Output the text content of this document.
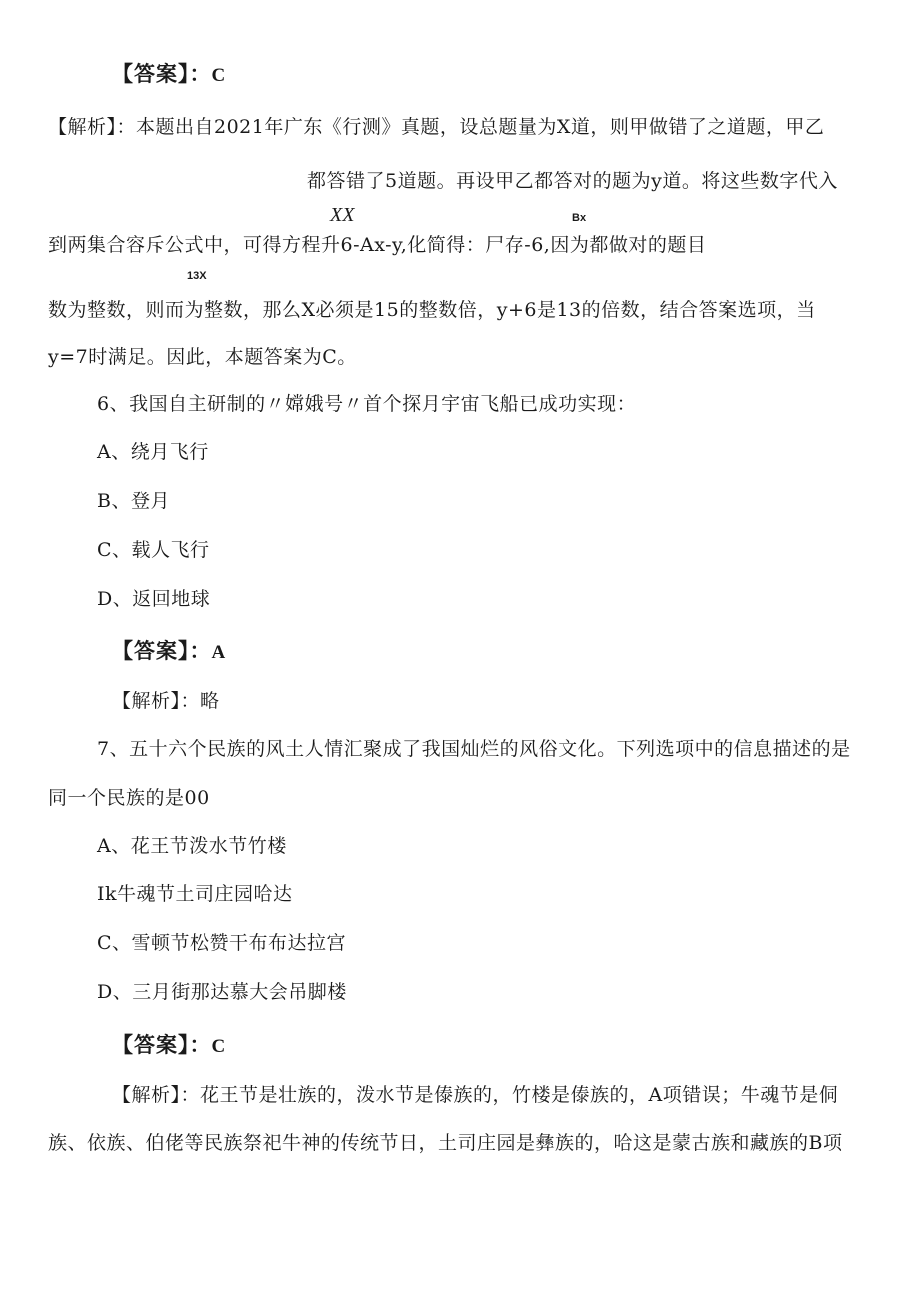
【答案】：C
【解析】：本题出自2021年广东《行测》真题，设总题量为X道，则甲做错了之道题，甲乙
都答错了5道题。再设甲乙都答对的题为y道。将这些数字代入
XX	Bx
到两集合容斥公式中，可得方程升6-Ax-y,化简得：尸存-6,因为都做对的题目
13X
数为整数，则而为整数，那么X必须是15的整数倍，y+6是13的倍数，结合答案选项，当
y=7时满足。因此，本题答案为C。
6、我国自主研制的〃嫦娥号〃首个探月宇宙飞船已成功实现：
A、绕月飞行
B、登月
C、载人飞行
D、返回地球
【答案】：A
【解析】：略
7、五十六个民族的风土人情汇聚成了我国灿烂的风俗文化。下列选项中的信息描述的是
同一个民族的是00
A、花王节泼水节竹楼
Ik牛魂节土司庄园哈达
C、雪顿节松赞干布布达拉宫
D、三月街那达慕大会吊脚楼
【答案】：C
【解析】：花王节是壮族的，泼水节是傣族的，竹楼是傣族的，A项错误；牛魂节是侗
族、依族、伯佬等民族祭祀牛神的传统节日，土司庄园是彝族的，哈这是蒙古族和藏族的B项
